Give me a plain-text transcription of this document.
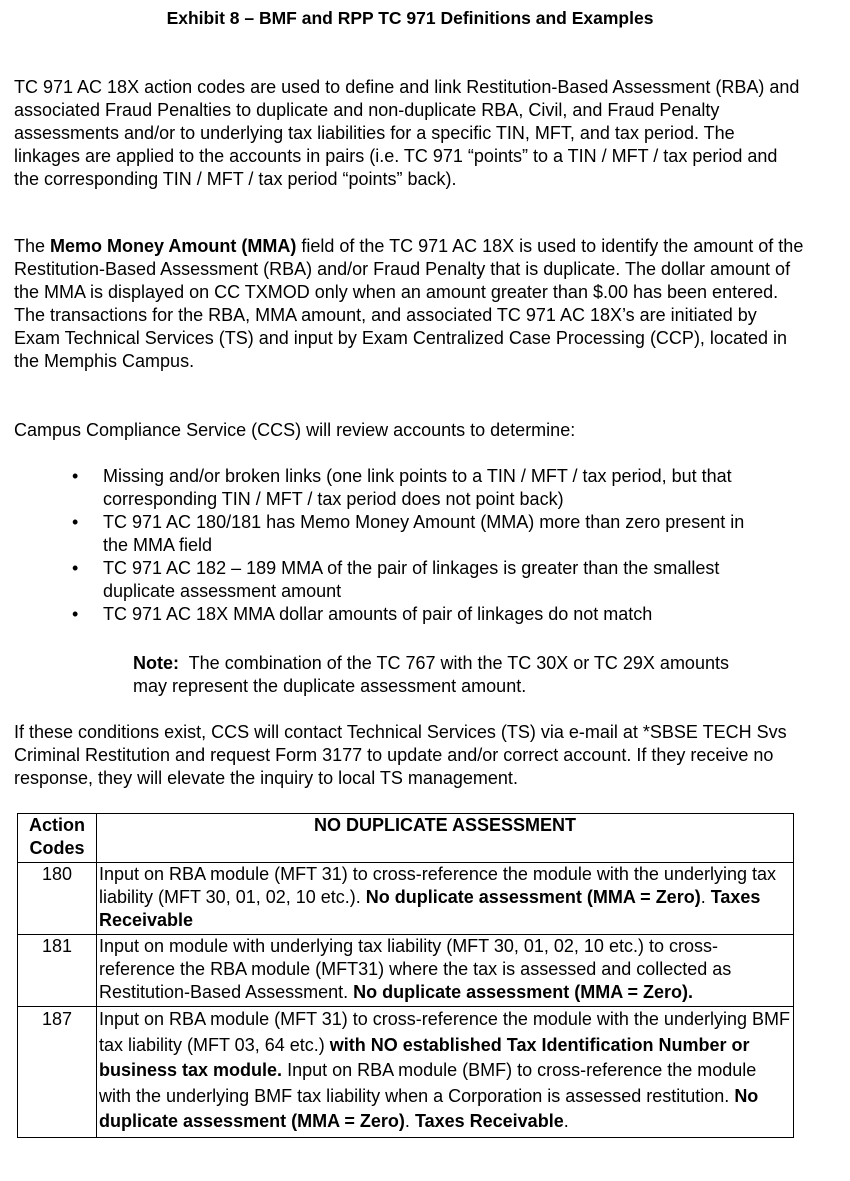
Exhibit 8 – BMF and RPP TC 971 Definitions and Examples

TC 971 AC 18X action codes are used to define and link Restitution-Based Assessment (RBA) and associated Fraud Penalties to duplicate and non-duplicate RBA, Civil, and Fraud Penalty assessments and/or to underlying tax liabilities for a specific TIN, MFT, and tax period. The linkages are applied to the accounts in pairs (i.e. TC 971 “points” to a TIN / MFT / tax period and the corresponding TIN / MFT / tax period “points” back).

The Memo Money Amount (MMA) field of the TC 971 AC 18X is used to identify the amount of the Restitution-Based Assessment (RBA) and/or Fraud Penalty that is duplicate. The dollar amount of the MMA is displayed on CC TXMOD only when an amount greater than $.00 has been entered. The transactions for the RBA, MMA amount, and associated TC 971 AC 18X’s are initiated by Exam Technical Services (TS) and input by Exam Centralized Case Processing (CCP), located in the Memphis Campus.

Campus Compliance Service (CCS) will review accounts to determine:

• Missing and/or broken links (one link points to a TIN / MFT / tax period, but that corresponding TIN / MFT / tax period does not point back)
• TC 971 AC 180/181 has Memo Money Amount (MMA) more than zero present in the MMA field
• TC 971 AC 182 – 189 MMA of the pair of linkages is greater than the smallest duplicate assessment amount
• TC 971 AC 18X MMA dollar amounts of pair of linkages do not match

Note:  The combination of the TC 767 with the TC 30X or TC 29X amounts may represent the duplicate assessment amount.

If these conditions exist, CCS will contact Technical Services (TS) via e-mail at *SBSE TECH Svs Criminal Restitution and request Form 3177 to update and/or correct account. If they receive no response, they will elevate the inquiry to local TS management.

Action Codes	NO DUPLICATE ASSESSMENT
180	Input on RBA module (MFT 31) to cross-reference the module with the underlying tax liability (MFT 30, 01, 02, 10 etc.). No duplicate assessment (MMA = Zero). Taxes Receivable
181	Input on module with underlying tax liability (MFT 30, 01, 02, 10 etc.) to cross-reference the RBA module (MFT31) where the tax is assessed and collected as Restitution-Based Assessment. No duplicate assessment (MMA = Zero).
187	Input on RBA module (MFT 31) to cross-reference the module with the underlying BMF tax liability (MFT 03, 64 etc.) with NO established Tax Identification Number or business tax module. Input on RBA module (BMF) to cross-reference the module with the underlying BMF tax liability when a Corporation is assessed restitution. No duplicate assessment (MMA = Zero). Taxes Receivable.
